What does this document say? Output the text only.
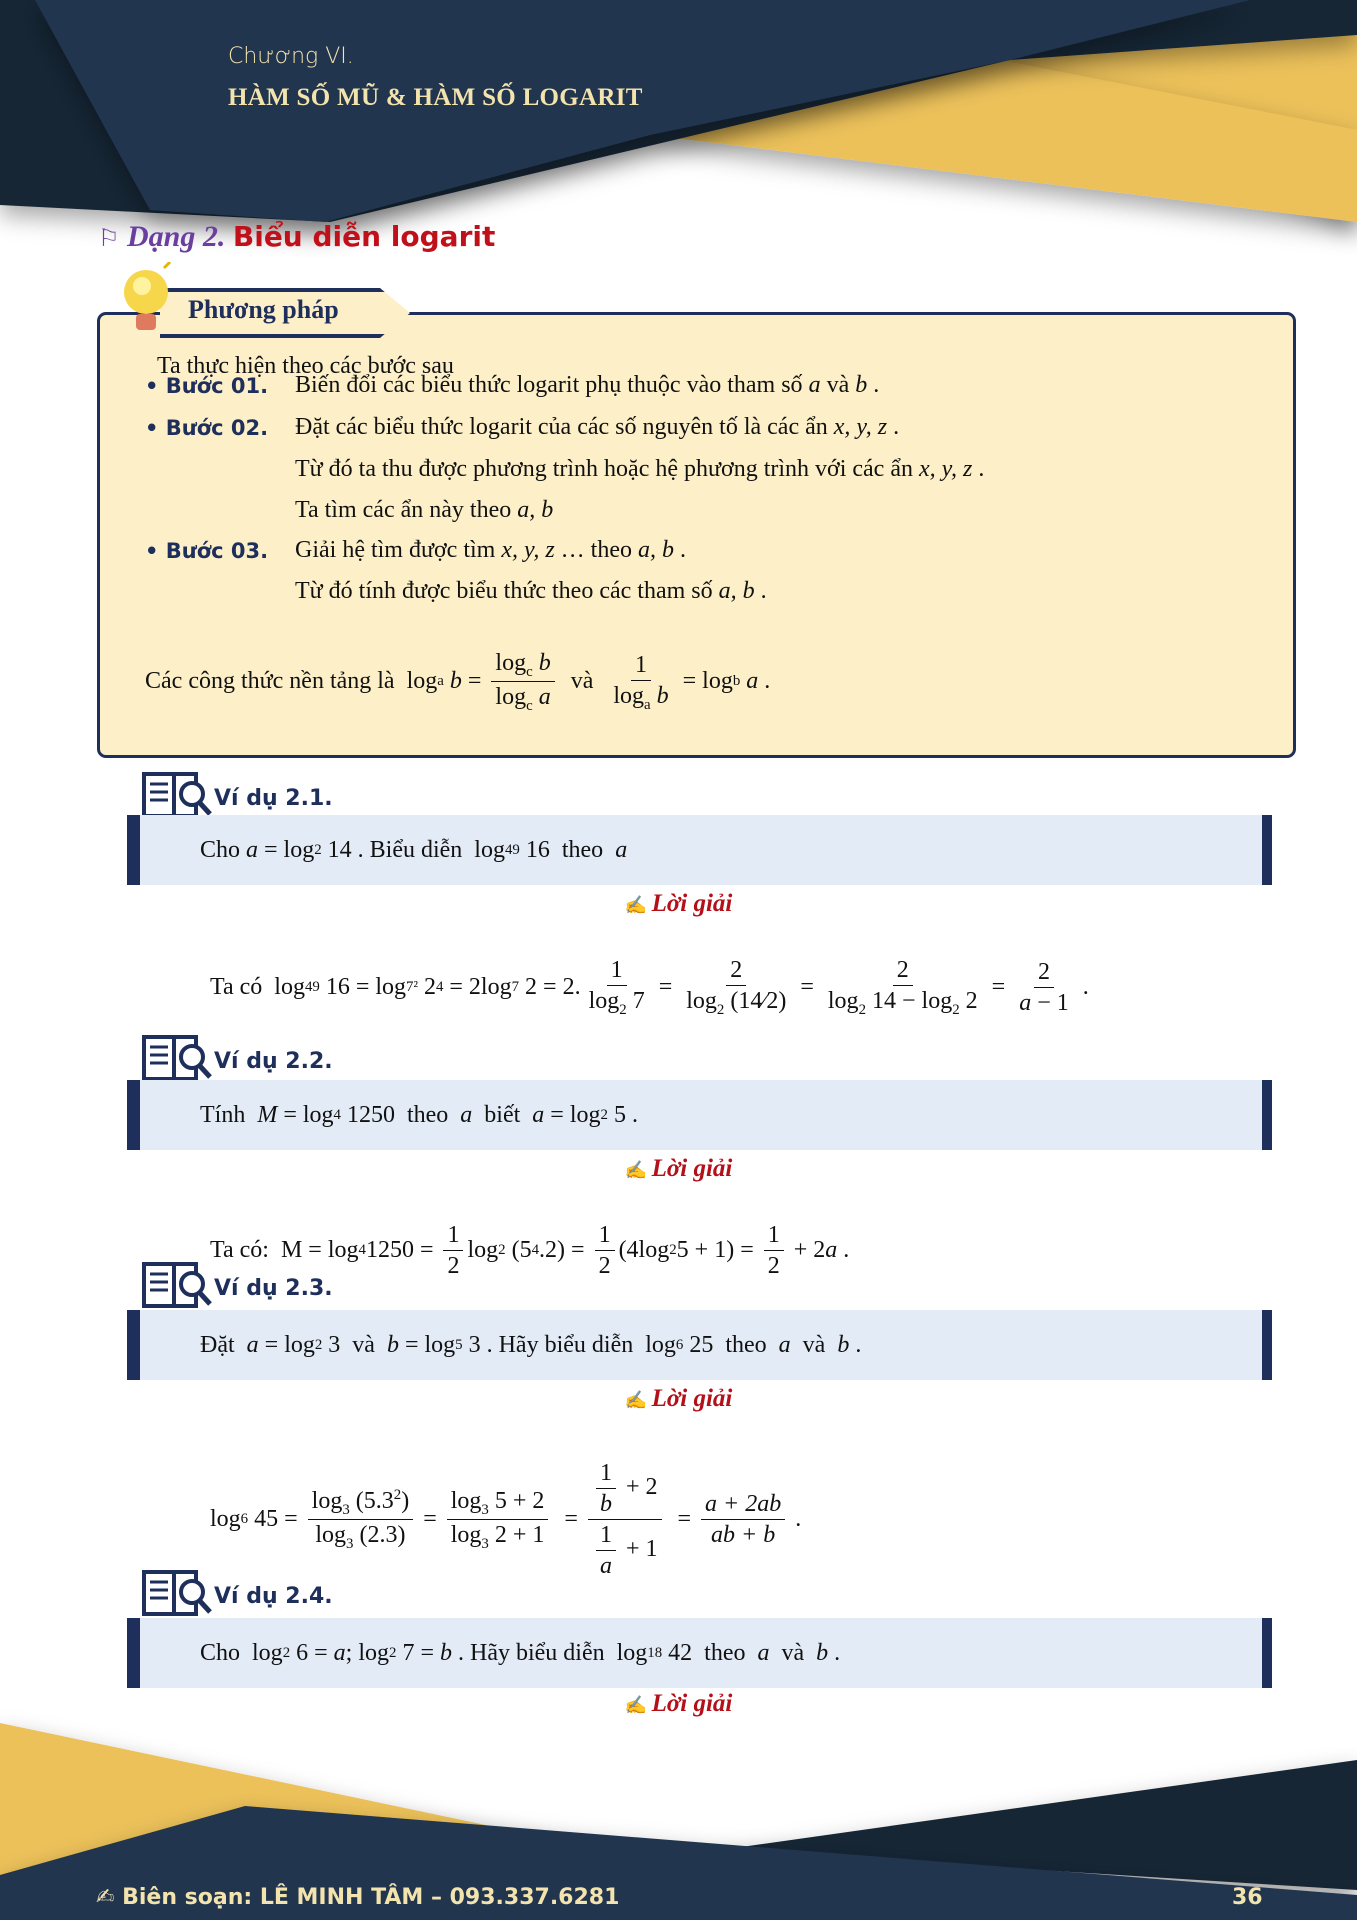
Chương VI.
HÀM SỐ MŨ & HÀM SỐ LOGARIT
⚐ Dạng 2. Biểu diễn logarit
Phương pháp
Ta thực hiện theo các bước sau
• Bước 01.	Biến đổi các biểu thức logarit phụ thuộc vào tham số a và b .
• Bước 02.	Đặt các biểu thức logarit của các số nguyên tố là các ẩn x, y, z .
Từ đó ta thu được phương trình hoặc hệ phương trình với các ẩn x, y, z .
Ta tìm các ẩn này theo a, b
• Bước 03.	Giải hệ tìm được tìm x, y, z … theo a, b .
Từ đó tính được biểu thức theo các tham số a, b .
Các công thức nền tảng là  log a $b = \frac{\log_c b}{\log_c a}$ và $\frac{1}{\log_a b} = \log b$ a .
Ví dụ 2.1.
Cho a = log 2 14 . Biểu diễn  log 49 16  theo a
✍ Lời giải
Ta có  log 49 16 = log 7² 2 4 = 2log 7 2 = 2. $\frac{1}{\log_2 7} = \frac{2}{\log_2 (14⁄2)} = \frac{2}{\log_2 14 - \log_2 2} = \frac{2}{a - 1}$ .
Ví dụ 2.2.
Tính M = log 4 1250  theo a biết a = log 2 5 .
✍ Lời giải
Ta có:  M = log 4 $1250 = \frac{1}{2}$ log 2 (5 4 $.2) = \frac{1}{2} (4\log$ 2 $5 + 1) = \frac{1}{2} + 2$ a .
Ví dụ 2.3.
Đặt a = log 2 3  và b = log 5 3 . Hãy biểu diễn  log 6 25  theo a và b .
✍ Lời giải
log 6 $45 = \frac{\log_3 (5.3^2)}{\log_3 (2.3)} = \frac{\log_3 5 + 2}{\log_3 2 + 1} = \frac{\frac{1}{b} + 2}{\frac{1}{a} + 1} = \frac{a + 2ab}{ab + b}$ .
Ví dụ 2.4.
Cho  log 2 6 = a ; log 2 7 = b . Hãy biểu diễn  log 18 42  theo a và b .
✍ Lời giải
✍ Biên soạn: LÊ MINH TÂM – 093.337.6281	36
